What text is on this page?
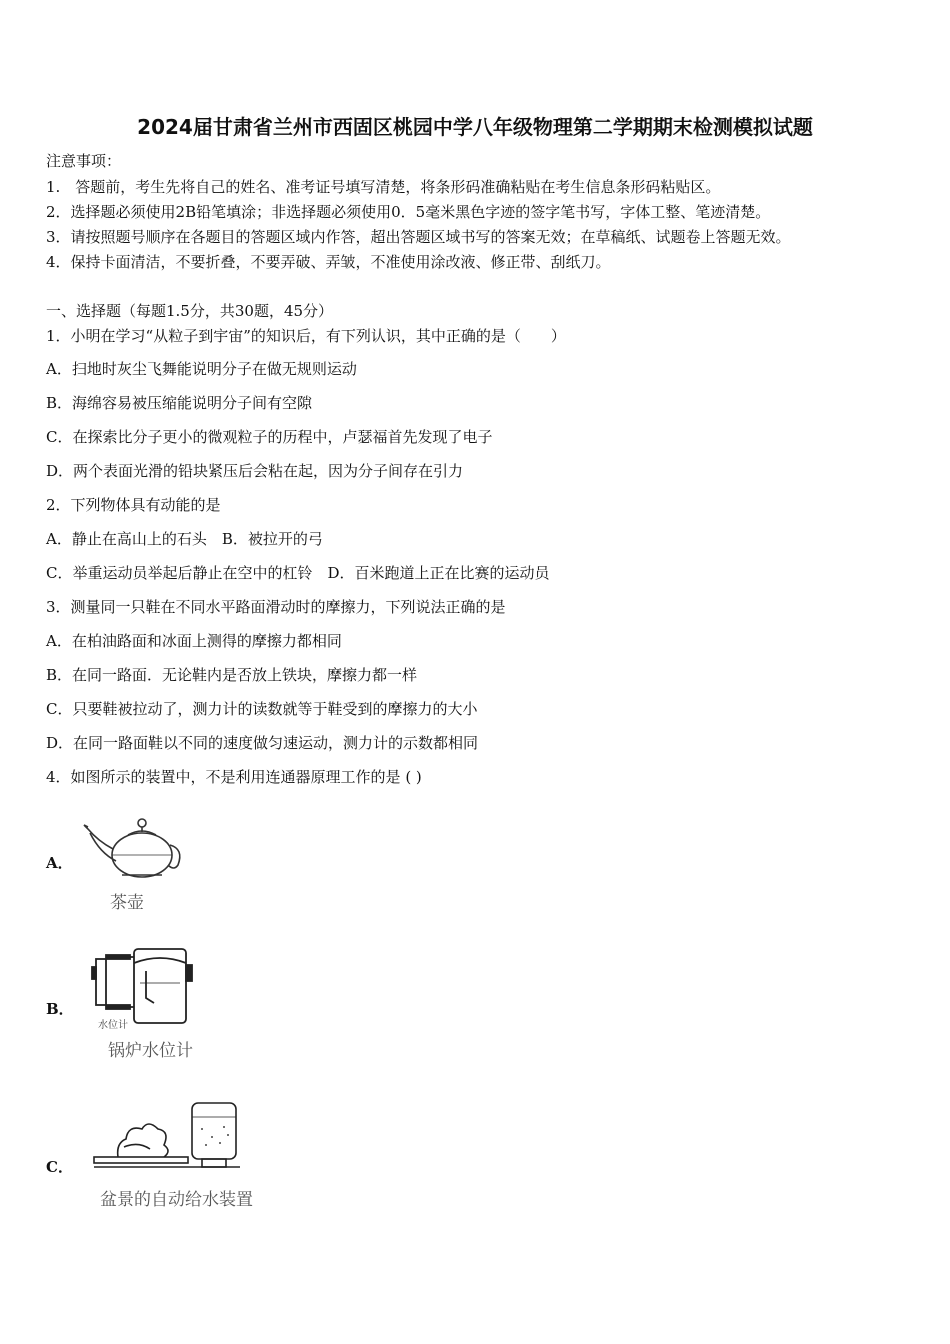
2024届甘肃省兰州市西固区桃园中学八年级物理第二学期期末检测模拟试题
注意事项：
1.　答题前，考生先将自己的姓名、准考证号填写清楚，将条形码准确粘贴在考生信息条形码粘贴区。
2．选择题必须使用2B铅笔填涂；非选择题必须使用0．5毫米黑色字迹的签字笔书写，字体工整、笔迹清楚。
3．请按照题号顺序在各题目的答题区域内作答，超出答题区域书写的答案无效；在草稿纸、试题卷上答题无效。
4．保持卡面清洁，不要折叠，不要弄破、弄皱，不准使用涂改液、修正带、刮纸刀。
一、选择题（每题1.5分，共30题，45分）
1．小明在学习“从粒子到宇宙”的知识后，有下列认识，其中正确的是（　　）
A．扫地时灰尘飞舞能说明分子在做无规则运动
B．海绵容易被压缩能说明分子间有空隙
C．在探索比分子更小的微观粒子的历程中，卢瑟福首先发现了电子
D．两个表面光滑的铅块紧压后会粘在起，因为分子间存在引力
2．下列物体具有动能的是
A．静止在高山上的石头　B．被拉开的弓
C．举重运动员举起后静止在空中的杠铃　D．百米跑道上正在比赛的运动员
3．测量同一只鞋在不同水平路面滑动时的摩擦力，下列说法正确的是
A．在柏油路面和冰面上测得的摩擦力都相同
B．在同一路面．无论鞋内是否放上铁块，摩擦力都一样
C．只要鞋被拉动了，测力计的读数就等于鞋受到的摩擦力的大小
D．在同一路面鞋以不同的速度做匀速运动，测力计的示数都相同
4．如图所示的装置中，不是利用连通器原理工作的是 ( )
A．
茶壶
B．
水位计
锅炉水位计
C．
盆景的自动给水装置
